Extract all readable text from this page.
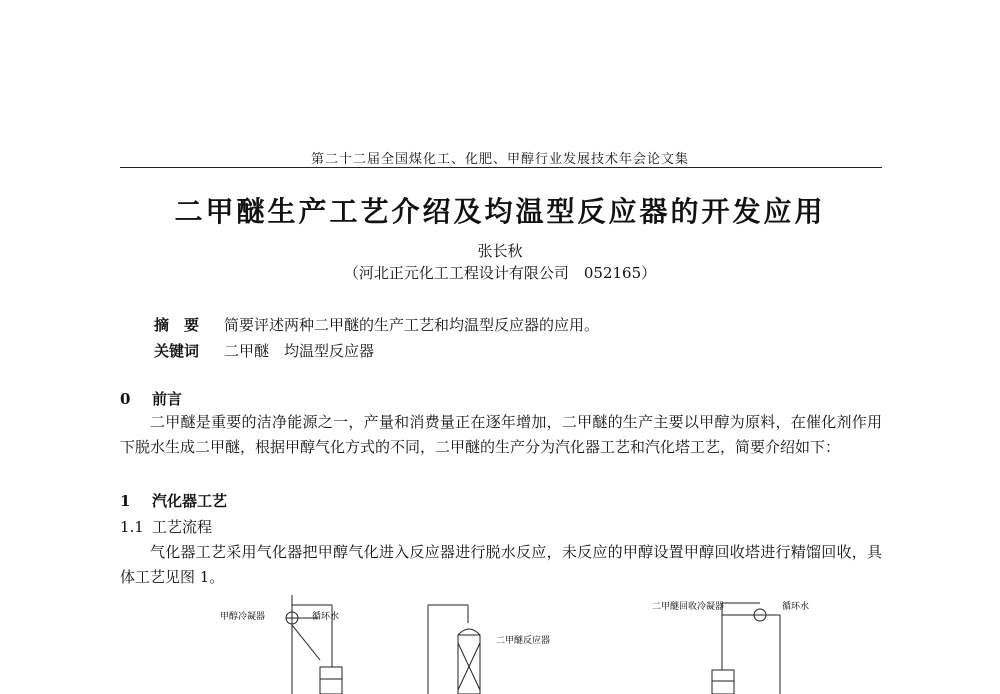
第二十二届全国煤化工、化肥、甲醇行业发展技术年会论文集
二甲醚生产工艺介绍及均温型反应器的开发应用
张长秋
（河北正元化工工程设计有限公司　052165）
摘　要 简要评述两种二甲醚的生产工艺和均温型反应器的应用。
关键词 二甲醚　均温型反应器
0 前言
二甲醚是重要的洁净能源之一，产量和消费量正在逐年增加，二甲醚的生产主要以甲醇为原料，在催化剂作用下脱水生成二甲醚，根据甲醇气化方式的不同，二甲醚的生产分为汽化器工艺和汽化塔工艺，简要介绍如下：
1 汽化器工艺
1.1 工艺流程
气化器工艺采用气化器把甲醇气化进入反应器进行脱水反应，未反应的甲醇设置甲醇回收塔进行精馏回收，具体工艺见图 1。
甲醇冷凝器	循环水
二甲醚反应器
二甲醚回收冷凝器	循环水
